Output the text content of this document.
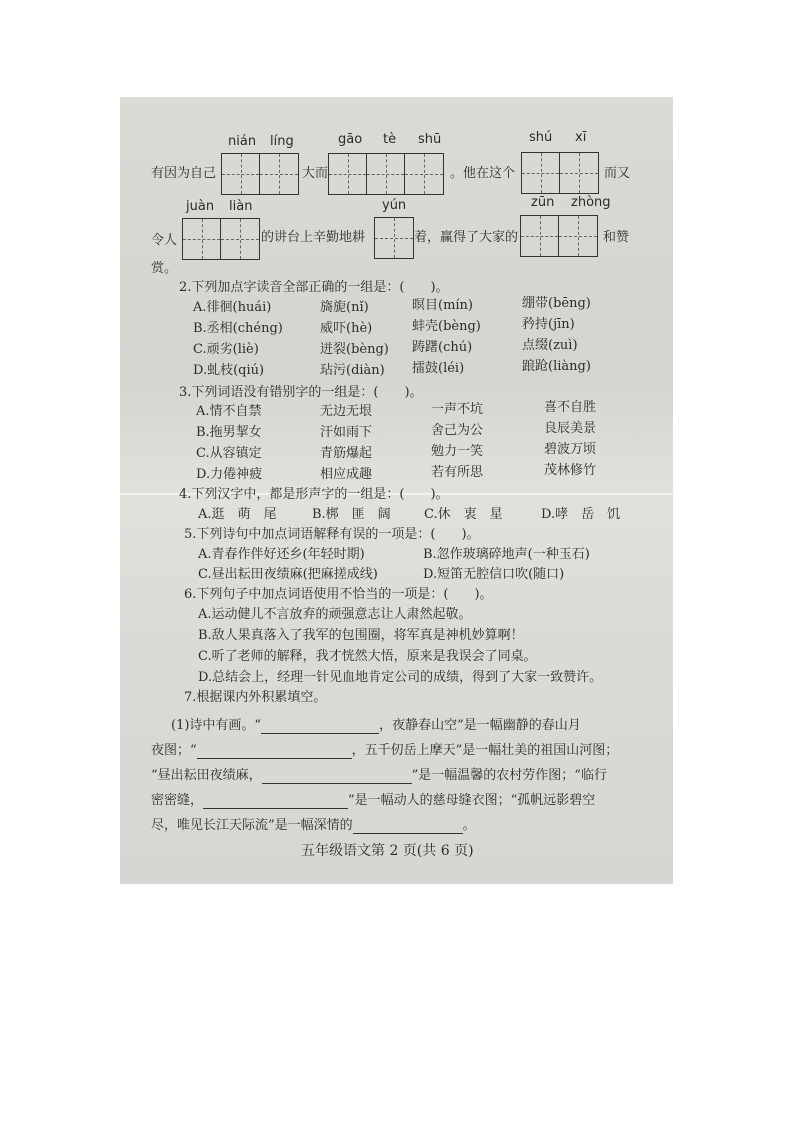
nián líng	gāo tè shū	shú xī
有因为自己	大而	。他在这个	而又
juàn liàn	yún	zūn zhòng
令人	的讲台上辛勤地耕	着，赢得了大家的	和赞
赏。
2.下列加点字读音全部正确的一组是：(　　)。
A.徘徊(huái)	旖旎(nǐ)	暝目(mín)	绷带(bēng)
B.丞相(chéng)	威吓(hè)	蚌壳(bèng)	矜持(jīn)
C.顽劣(liè)	迸裂(bèng) 踌躇(chú)	点缀(zuì)
D.虬枝(qiú)	玷污(diàn) 擂鼓(léi)	踉跄(liàng)
3.下列词语没有错别字的一组是：(　　)。
A.情不自禁	无边无垠	一声不坑	喜不自胜
B.拖男挈女	汗如雨下	舍己为公	良辰美景
C.从容镇定	青筋爆起	勉力一笑	碧波万顷
D.力倦神疲	相应成趣	若有所思	茂林修竹
4.下列汉字中，都是形声字的一组是：(　　)。
A.逛　萌　尾	B.梆　匪　阔	C.休　衷　星	D.哮　岳　饥
5.下列诗句中加点词语解释有误的一项是：(　　)。
A.青春作伴好还乡(年轻时期)	B.忽作玻璃碎地声(一种玉石)
C.昼出耘田夜绩麻(把麻搓成线)	D.短笛无腔信口吹(随口)
6.下列句子中加点词语使用不恰当的一项是：(　　)。
A.运动健儿不言放弃的顽强意志让人肃然起敬。
B.敌人果真落入了我军的包围圈，将军真是神机妙算啊！
C.听了老师的解释，我才恍然大悟，原来是我误会了同桌。
D.总结会上，经理一针见血地肯定公司的成绩，得到了大家一致赞许。
7.根据课内外积累填空。
(1)诗中有画。“	，夜静春山空”是一幅幽静的春山月
夜图；“	，五千仞岳上摩天”是一幅壮美的祖国山河图；
“昼出耘田夜绩麻，	”是一幅温馨的农村劳作图；“临行
密密缝，	”是一幅动人的慈母缝衣图；“孤帆远影碧空
尽，唯见长江天际流”是一幅深情的	。
五年级语文第 2 页(共 6 页)
